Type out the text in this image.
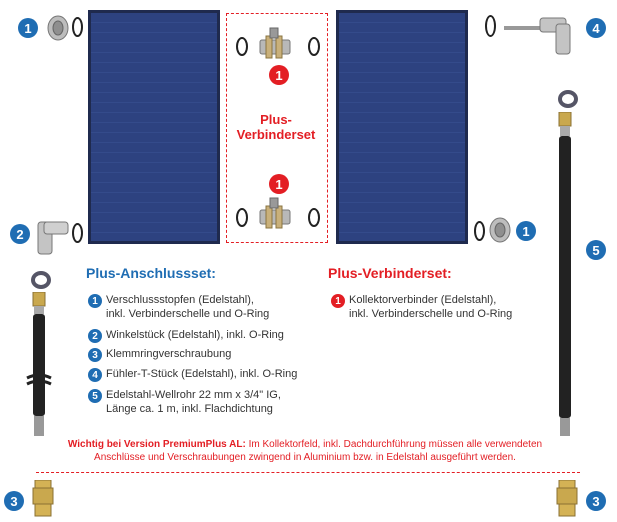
1
Plus-
Verbinderset
1
1
2
4
1
5
Plus-Anschlussset:
1 Verschlussstopfen (Edelstahl),
inkl. Verbinderschelle und O-Ring
2 Winkelstück (Edelstahl), inkl. O-Ring
3 Klemmringverschraubung
4 Fühler-T-Stück (Edelstahl), inkl. O-Ring
5 Edelstahl-Wellrohr 22 mm x 3/4" IG,
Länge ca. 1 m, inkl. Flachdichtung
Plus-Verbinderset:
1 Kollektorverbinder (Edelstahl),
inkl. Verbinderschelle und O-Ring
Wichtig bei Version PremiumPlus AL: Im Kollektorfeld, inkl. Dachdurchführung müssen alle verwendeten
Anschlüsse und Verschraubungen zwingend in Aluminium bzw. in Edelstahl ausgeführt werden.
3	3
